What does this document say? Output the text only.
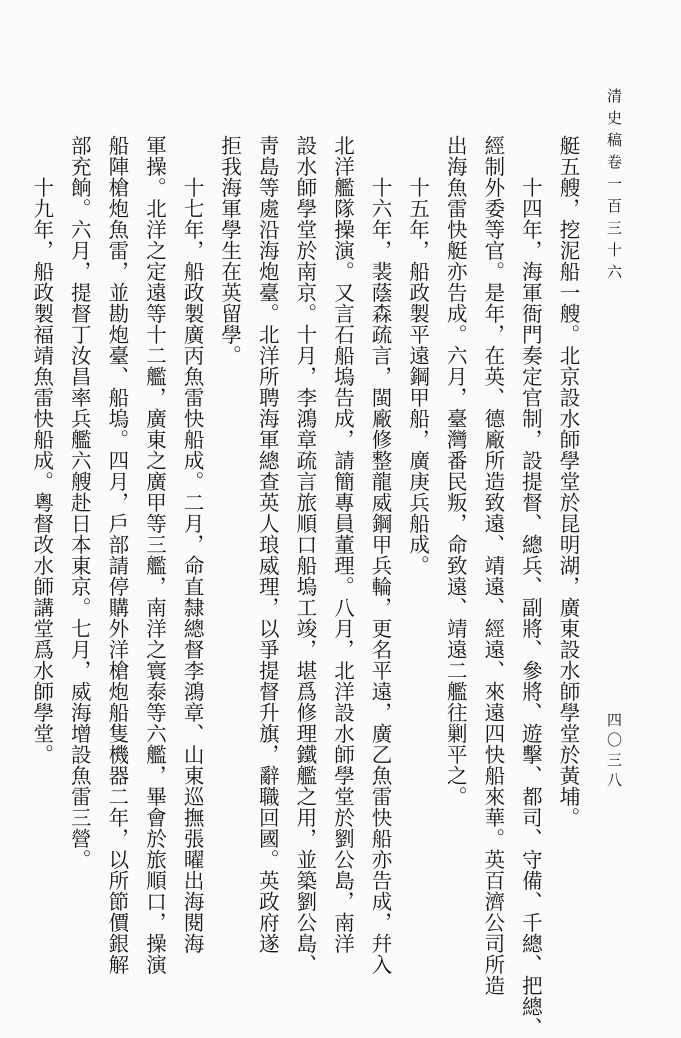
清史稿卷一百三十六
四〇三八
艇五艘，挖泥船一艘。北京設水師學堂於昆明湖，廣東設水師學堂於黃埔。
　　十四年，海軍衙門奏定官制，設提督、總兵、副將、參將、遊擊、都司、守備、千總、把總、
經制外委等官。是年，在英、德廠所造致遠、靖遠、經遠、來遠四快船來華。英百濟公司所造
出海魚雷快艇亦告成。六月，臺灣番民叛，命致遠、靖遠二艦往剿平之。
　　十五年，船政製平遠鋼甲船，廣庚兵船成。
　　十六年，裴蔭森疏言，閩廠修整龍威鋼甲兵輪，更名平遠，廣乙魚雷快船亦告成，幷入
北洋艦隊操演。又言石船塢告成，請簡專員董理。八月，北洋設水師學堂於劉公島，南洋
設水師學堂於南京。十月，李鴻章疏言旅順口船塢工竣，堪爲修理鐵艦之用，並築劉公島、
靑島等處沿海炮臺。北洋所聘海軍總查英人琅威理，以爭提督升旗，辭職回國。英政府遂
拒我海軍學生在英留學。
　　十七年，船政製廣丙魚雷快船成。二月，命直隸總督李鴻章、山東巡撫張曜出海閱海
軍操。北洋之定遠等十二艦，廣東之廣甲等三艦，南洋之寰泰等六艦，畢會於旅順口，操演
船陣槍炮魚雷，並勘炮臺、船塢。四月，戶部請停購外洋槍炮船隻機器二年，以所節價銀解
部充餉。六月，提督丁汝昌率兵艦六艘赴日本東京。七月，威海增設魚雷三營。
　　十九年，船政製福靖魚雷快船成。粵督改水師講堂爲水師學堂。
